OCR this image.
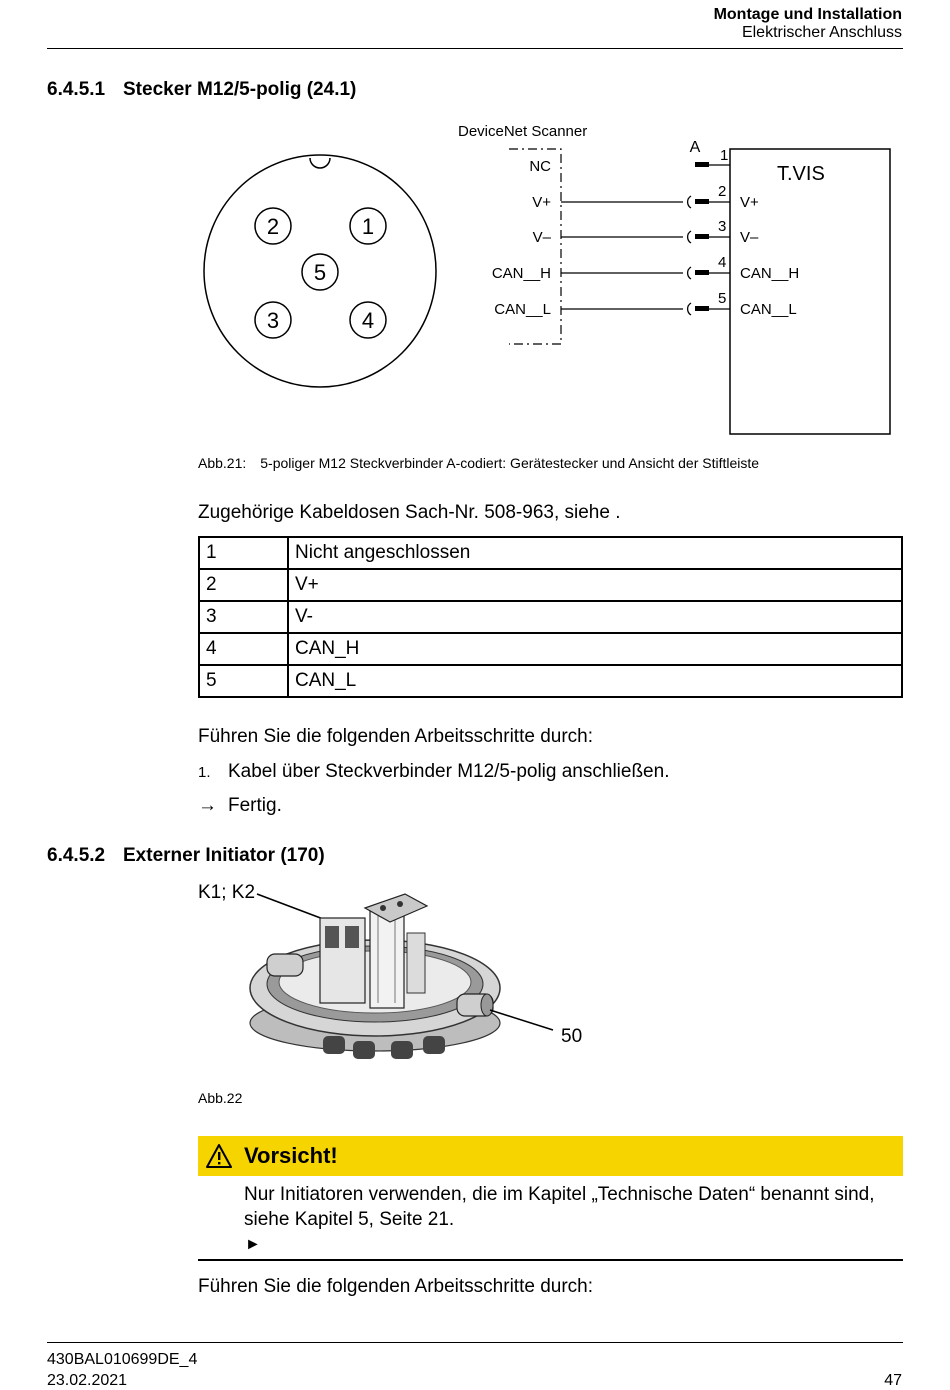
Montage und Installation
Elektrischer Anschluss
6.4.5.1 Stecker M12/5-polig (24.1)
1
2
3	4
5
DeviceNet Scanner
NC
V+
V–
CAN__H
CAN__L
A 1
2
3
4
5
T.VIS
V+
V–
CAN__H
CAN__L
Abb.21: 5-poliger M12 Steckverbinder A-codiert: Gerätestecker und Ansicht der Stiftleiste
Zugehörige Kabeldosen Sach-Nr. 508-963, siehe .
1	Nicht angeschlossen
2	V+
3	V-
4	CAN_H
5	CAN_L
Führen Sie die folgenden Arbeitsschritte durch:
1. Kabel über Steckverbinder M12/5-polig anschließen.
→ Fertig.
6.4.5.2 Externer Initiator (170)
K1; K2
50
Abb.22
Vorsicht!
Nur Initiatoren verwenden, die im Kapitel „Technische Daten“ benannt sind, siehe Kapitel 5, Seite 21.
►
Führen Sie die folgenden Arbeitsschritte durch:
430BAL010699DE_4
23.02.2021	47
